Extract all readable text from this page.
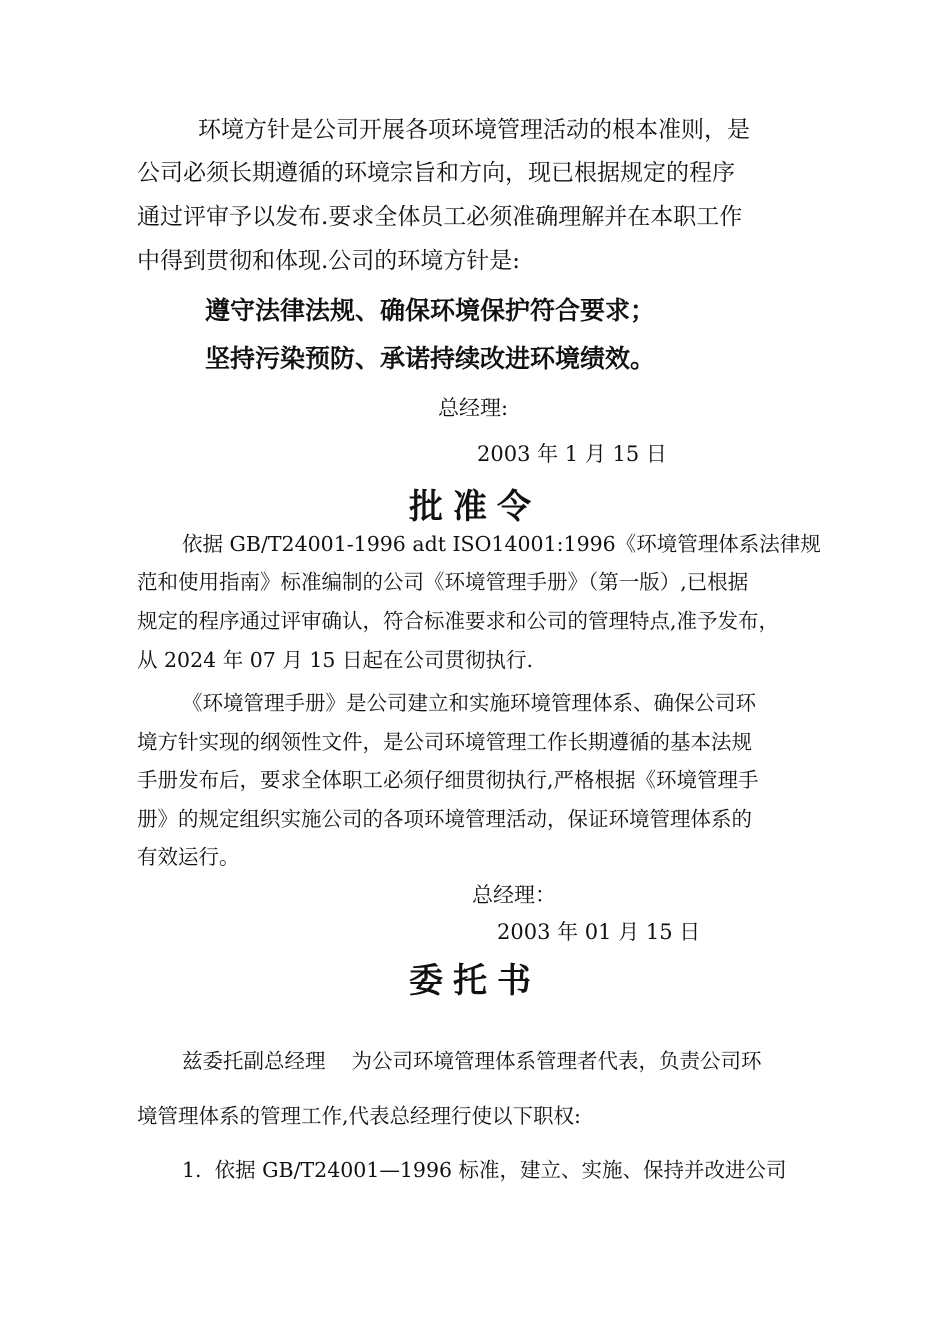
环境方针是公司开展各项环境管理活动的根本准则，是
公司必须长期遵循的环境宗旨和方向，现已根据规定的程序
通过评审予以发布.要求全体员工必须准确理解并在本职工作
中得到贯彻和体现.公司的环境方针是:
遵守法律法规、确保环境保护符合要求；
坚持污染预防、承诺持续改进环境绩效。
总经理:
2003 年 1 月 15 日
批准令
依据 GB/T24001-1996 adt ISO14001:1996《环境管理体系法律规
范和使用指南》标准编制的公司《环境管理手册》（第一版）,已根据
规定的程序通过评审确认，符合标准要求和公司的管理特点,准予发布，
从 2024 年 07 月 15 日起在公司贯彻执行.
《环境管理手册》是公司建立和实施环境管理体系、确保公司环
境方针实现的纲领性文件，是公司环境管理工作长期遵循的基本法规
手册发布后，要求全体职工必须仔细贯彻执行,严格根据《环境管理手
册》的规定组织实施公司的各项环境管理活动，保证环境管理体系的
有效运行。
总经理：
2003 年 01 月 15 日
委托书
兹委托副总经理 为公司环境管理体系管理者代表，负责公司环
境管理体系的管理工作,代表总经理行使以下职权:
1. 依据 GB/T24001—1996 标准，建立、实施、保持并改进公司
